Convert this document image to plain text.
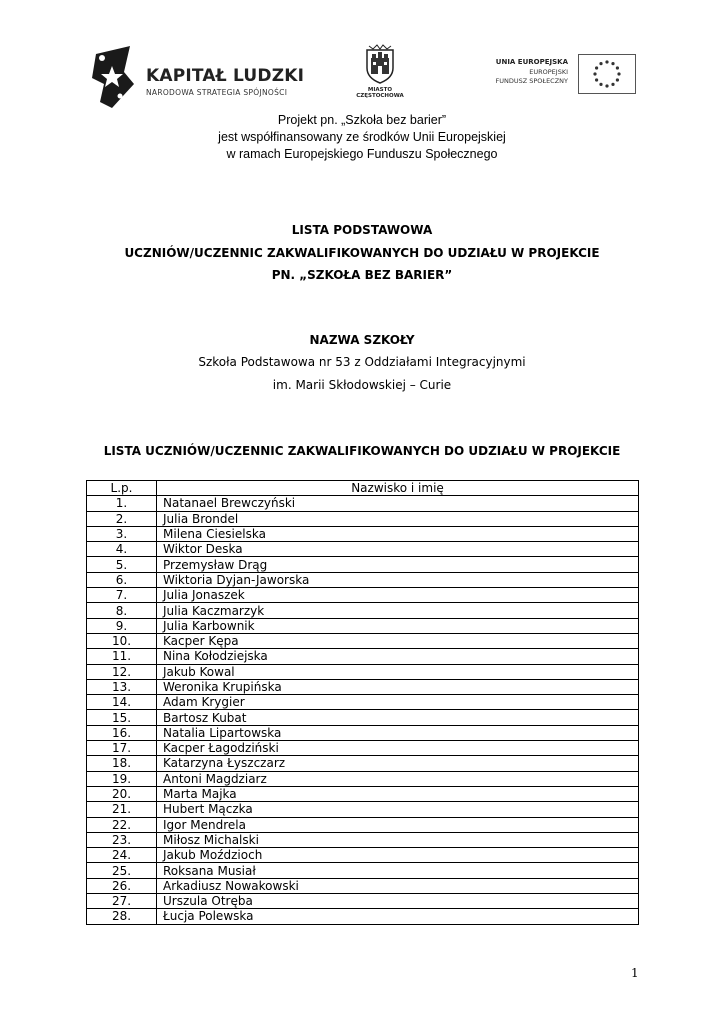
KAPITAŁ LUDZKI
NARODOWA STRATEGIA SPÓJNOŚCI	MIASTO
CZĘSTOCHOWA
UNIA EUROPEJSKA
EUROPEJSKI
FUNDUSZ SPOŁECZNY
Projekt pn. „Szkoła bez barier”
jest współfinansowany ze środków Unii Europejskiej
w ramach Europejskiego Funduszu Społecznego
LISTA PODSTAWOWA
UCZNIÓW/UCZENNIC ZAKWALIFIKOWANYCH DO UDZIAŁU W PROJEKCIE
PN. „SZKOŁA BEZ BARIER”
NAZWA SZKOŁY
Szkoła Podstawowa nr 53 z Oddziałami Integracyjnymi
im. Marii Skłodowskiej – Curie
LISTA UCZNIÓW/UCZENNIC ZAKWALIFIKOWANYCH DO UDZIAŁU W PROJEKCIE
L.p.	Nazwisko i imię
1.	Natanael Brewczyński
2.	Julia Brondel
3.	Milena Ciesielska
4.	Wiktor Deska
5.	Przemysław Drąg
6.	Wiktoria Dyjan-Jaworska
7.	Julia Jonaszek
8.	Julia Kaczmarzyk
9.	Julia Karbownik
10.	Kacper Kępa
11.	Nina Kołodziejska
12.	Jakub Kowal
13.	Weronika Krupińska
14.	Adam Krygier
15.	Bartosz Kubat
16.	Natalia Lipartowska
17.	Kacper Łagodziński
18.	Katarzyna Łyszczarz
19.	Antoni Magdziarz
20.	Marta Majka
21.	Hubert Mączka
22.	Igor Mendrela
23.	Miłosz Michalski
24.	Jakub Moździoch
25.	Roksana Musiał
26.	Arkadiusz Nowakowski
27.	Urszula Otręba
28.	Łucja Polewska
1
